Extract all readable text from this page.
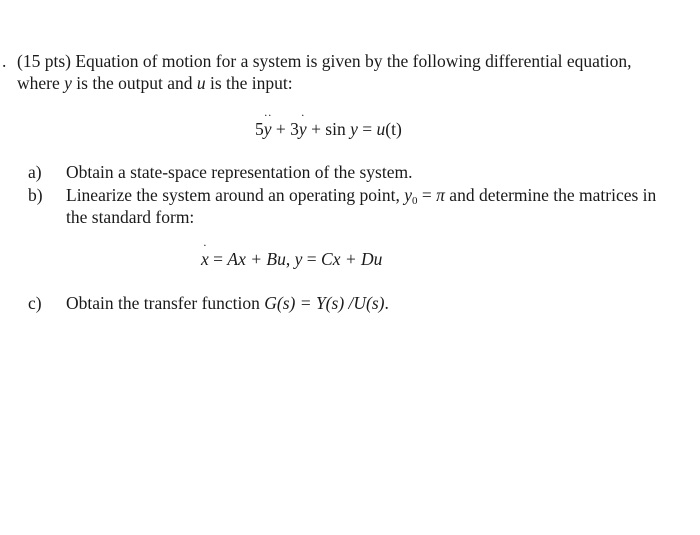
. (15 pts) Equation of motion for a system is given by the following differential equation,
where y is the output and u is the input:
5y
··
+ 3y
·
+ sin y = u(t)
a) Obtain a state-space representation of the system.
b) Linearize the system around an operating point, $y_0 = \pi$ and determine the matrices in
the standard form:
x
·
= Ax + Bu, y = Cx + Du
c) Obtain the transfer function G(s) = Y(s) /U(s).
